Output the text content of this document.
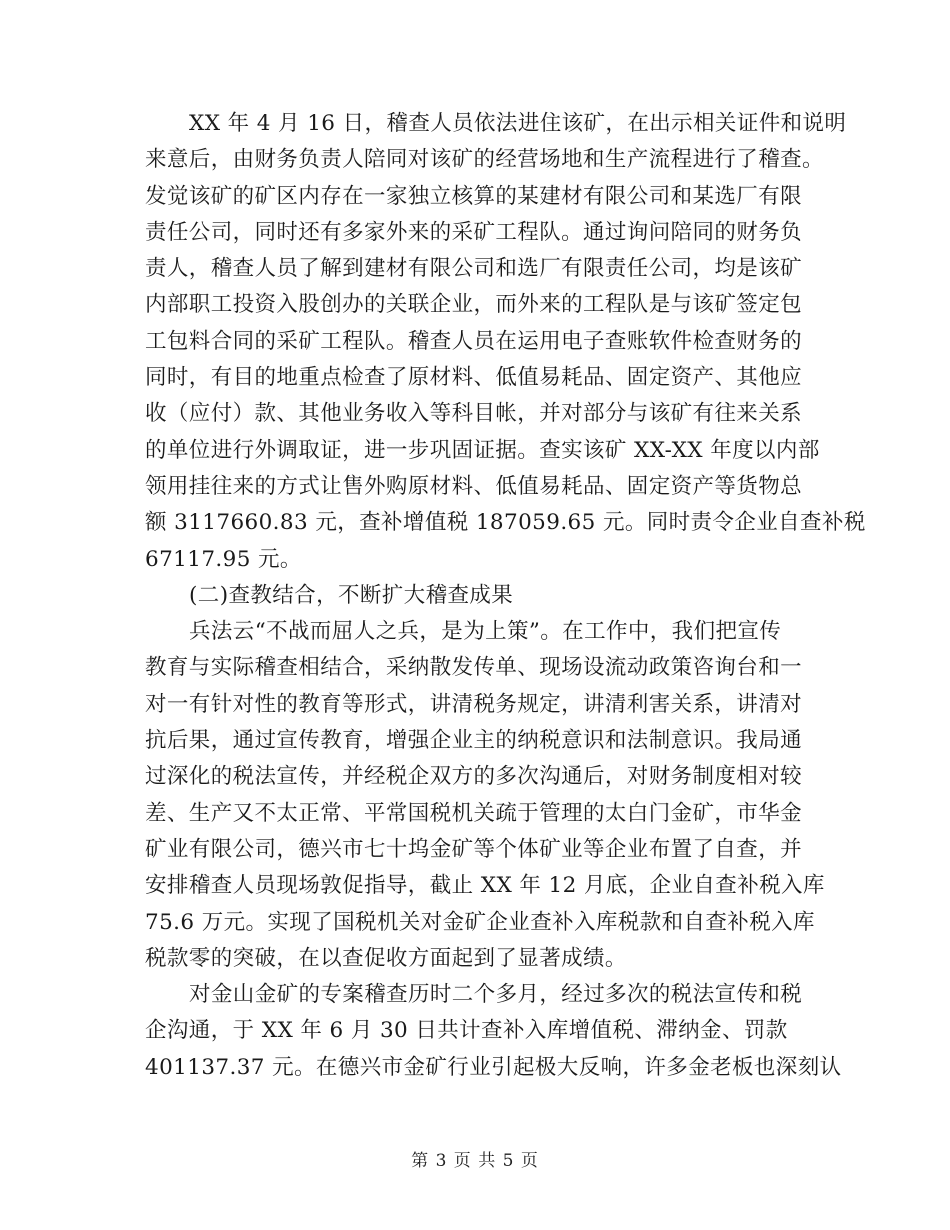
XX 年 4 月 16 日，稽查人员依法进住该矿，在出示相关证件和说明
来意后，由财务负责人陪同对该矿的经营场地和生产流程进行了稽查。
发觉该矿的矿区内存在一家独立核算的某建材有限公司和某选厂有限
责任公司，同时还有多家外来的采矿工程队。通过询问陪同的财务负
责人，稽查人员了解到建材有限公司和选厂有限责任公司，均是该矿
内部职工投资入股创办的关联企业，而外来的工程队是与该矿签定包
工包料合同的采矿工程队。稽查人员在运用电子查账软件检查财务的
同时，有目的地重点检查了原材料、低值易耗品、固定资产、其他应
收（应付）款、其他业务收入等科目帐，并对部分与该矿有往来关系
的单位进行外调取证，进一步巩固证据。查实该矿 XX-XX 年度以内部
领用挂往来的方式让售外购原材料、低值易耗品、固定资产等货物总
额 3117660.83 元，查补增值税 187059.65 元。同时责令企业自查补税
67117.95 元。
(二)查教结合，不断扩大稽查成果
兵法云“不战而屈人之兵，是为上策”。在工作中，我们把宣传
教育与实际稽查相结合，采纳散发传单、现场设流动政策咨询台和一
对一有针对性的教育等形式，讲清税务规定，讲清利害关系，讲清对
抗后果，通过宣传教育，增强企业主的纳税意识和法制意识。我局通
过深化的税法宣传，并经税企双方的多次沟通后，对财务制度相对较
差、生产又不太正常、平常国税机关疏于管理的太白门金矿，市华金
矿业有限公司，德兴市七十坞金矿等个体矿业等企业布置了自查，并
安排稽查人员现场敦促指导，截止 XX 年 12 月底，企业自查补税入库
75.6 万元。实现了国税机关对金矿企业查补入库税款和自查补税入库
税款零的突破，在以查促收方面起到了显著成绩。
对金山金矿的专案稽查历时二个多月，经过多次的税法宣传和税
企沟通，于 XX 年 6 月 30 日共计查补入库增值税、滞纳金、罚款
401137.37 元。在德兴市金矿行业引起极大反响，许多金老板也深刻认
第 3 页 共 5 页
